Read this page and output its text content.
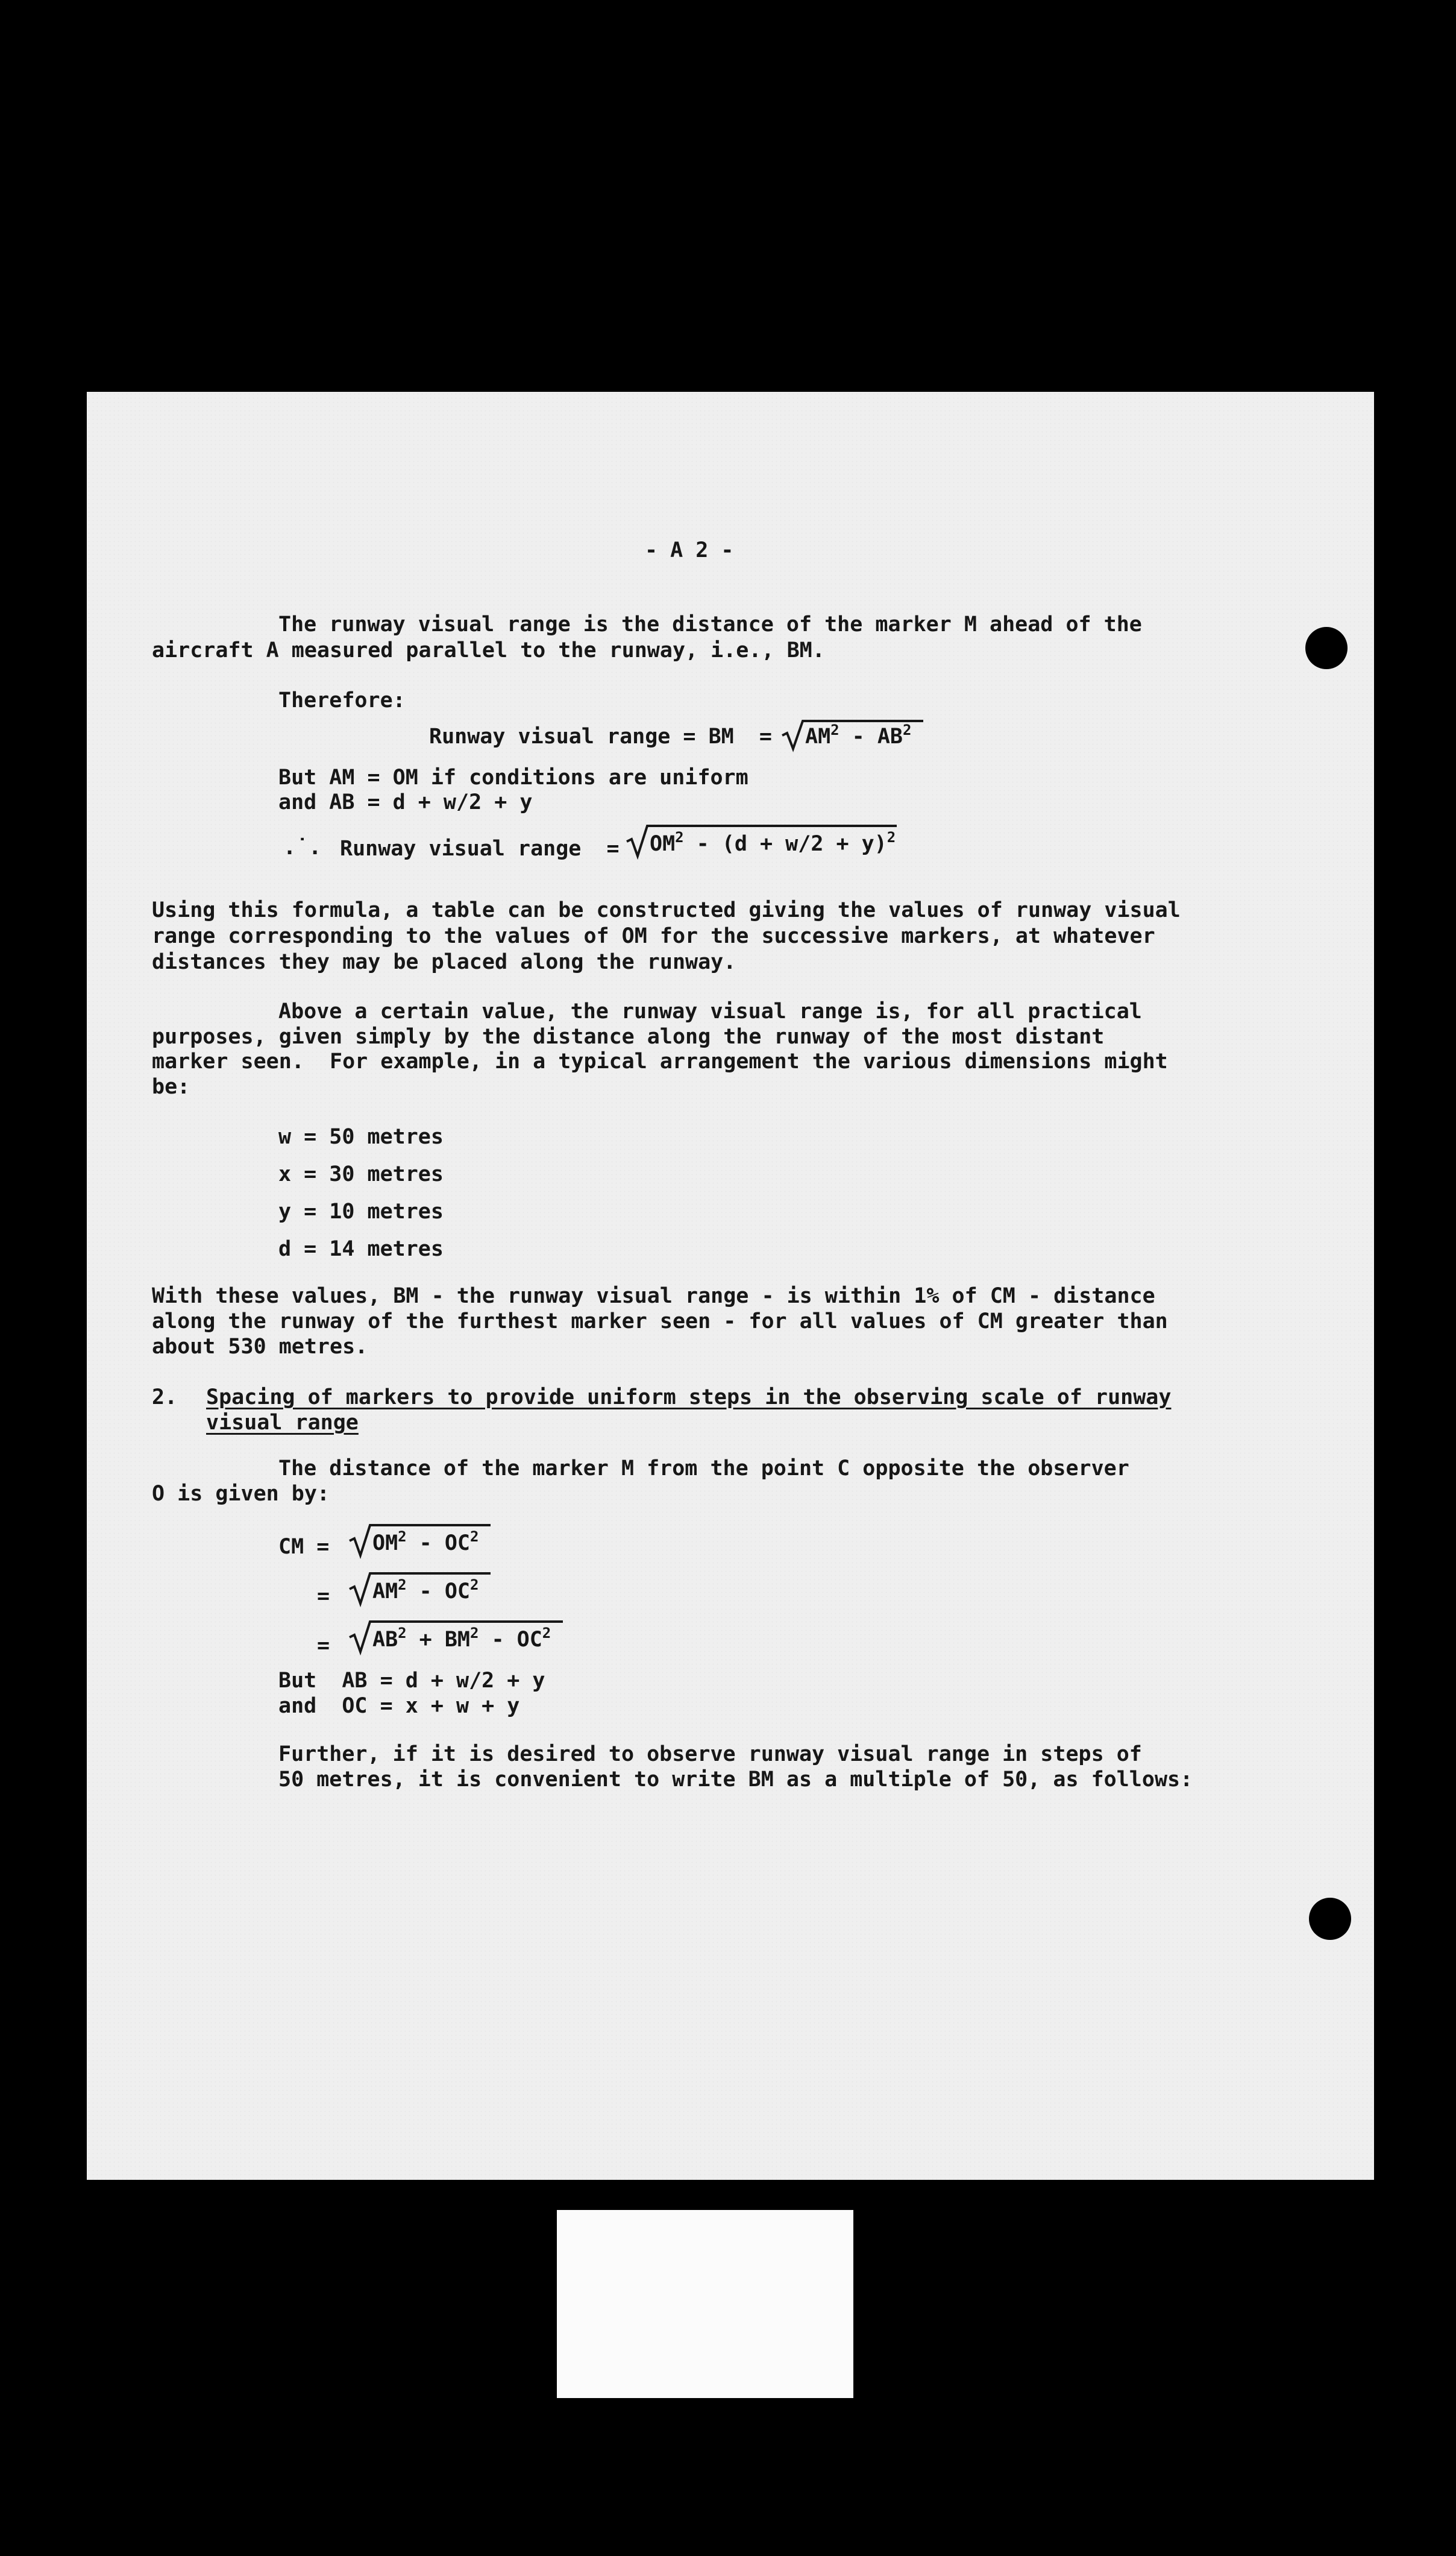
- A 2 -
The runway visual range is the distance of the marker M ahead of the
aircraft A measured parallel to the runway, i.e., BM.
Therefore:
Runway visual range = BM  = $AM^2 - AB^2$
But AM = OM if conditions are uniform
and AB = d + w/2 + y
.˙. Runway visual range  = $OM^2 - (d + w/2 + y)^2$
Using this formula, a table can be constructed giving the values of runway visual
range corresponding to the values of OM for the successive markers, at whatever
distances they may be placed along the runway.
Above a certain value, the runway visual range is, for all practical
purposes, given simply by the distance along the runway of the most distant
marker seen.  For example, in a typical arrangement the various dimensions might
be:
w = 50 metres
x = 30 metres
y = 10 metres
d = 14 metres
With these values, BM - the runway visual range - is within 1% of CM - distance
along the runway of the furthest marker seen - for all values of CM greater than
about 530 metres.
2. Spacing of markers to provide uniform steps in the observing scale of runway
visual range
The distance of the marker M from the point C opposite the observer
O is given by:
CM = $OM^2 - OC^2$
= $AM^2 - OC^2$
= $AB^2 + BM^2 - OC^2$
But  AB = d + w/2 + y
and  OC = x + w + y
Further, if it is desired to observe runway visual range in steps of
50 metres, it is convenient to write BM as a multiple of 50, as follows:
